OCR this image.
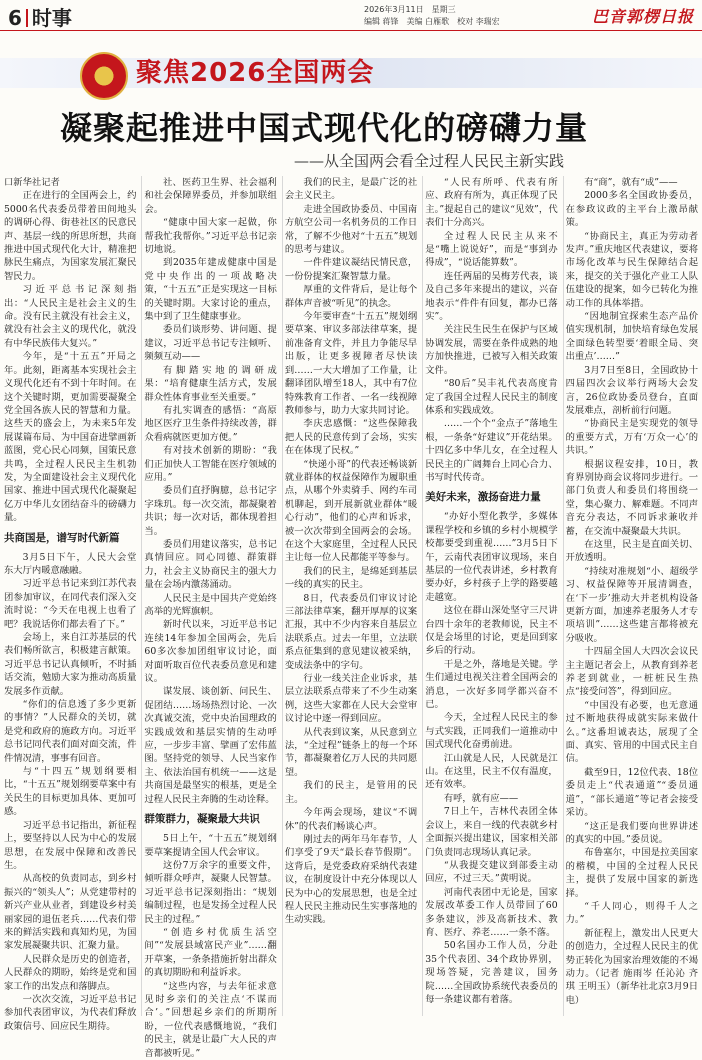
6 时事	2026年3月11日　星期三
编辑 蒋锋　美编 白雁歌　校对 李瑞宏	巴音郭楞日报
聚焦2026全国两会
凝聚起推进中国式现代化的磅礴力量
——从全国两会看全过程人民民主新实践

口新华社记者

正在进行的全国两会上，约5000名代表委员带着田间地头的调研心得、街巷社区的民意民声、基层一线的所思所想，共商推进中国式现代化大计，精准把脉民生痛点，为国家发展汇聚民智民力。

习近平总书记深刻指出：“人民民主是社会主义的生命。没有民主就没有社会主义，就没有社会主义的现代化，就没有中华民族伟大复兴。”

今年，是“十五五”开局之年。此刻，距离基本实现社会主义现代化还有不到十年时间。在这个关键时期，更加需要凝聚全党全国各族人民的智慧和力量。这些天的盛会上，为未来5年发展谋篇布局、为中国奋进擘画新蓝图，党心民心同频，国策民意共鸣，全过程人民民主生机勃发，为全面建设社会主义现代化国家、推进中国式现代化凝聚起亿万中华儿女团结奋斗的磅礴力量。

共商国是，谱写时代新篇

3月5日下午，人民大会堂东大厅内暖意融融。

习近平总书记来到江苏代表团参加审议，在同代表们深入交流时说：“今天在电视上也看了吧？我说话你们都去看了下。”

会场上，来自江苏基层的代表们畅所欲言，积极建言献策。习近平总书记认真倾听，不时插话交流，勉励大家为推动高质量发展多作贡献。

“你们的信息透了多少更新的事情？”人民群众的关切，就是党和政府的施政方向。习近平总书记同代表们面对面交流，件件情况清，事事有回音。

与“十四五”规划纲要相比，“十五五”规划纲要草案中有关民生的目标更加具体、更加可感。

习近平总书记指出，新征程上，要坚持以人民为中心的发展思想，在发展中保障和改善民生。

从高校的负责同志，到乡村振兴的“领头人”；从党建带村的新兴产业从业者，到建设乡村美丽家园的退伍老兵……代表们带来的鲜活实践和真知灼见，为国家发展凝聚共识、汇聚力量。

人民群众是历史的创造者，人民群众的期盼，始终是党和国家工作的出发点和落脚点。

一次次交流，习近平总书记参加代表团审议，为代表们释放政策信号、回应民生期待。

社、医药卫生界、社会福利和社会保障界委员，并参加联组会。

“健康中国大家一起做，你帮我忙我帮你。”习近平总书记亲切地说。

到2035年建成健康中国是党中央作出的一项战略决策，“十五五”正是实现这一目标的关键时期。大家讨论的重点，集中到了卫生健康事业。

委员们谈形势、讲问题、提建议，习近平总书记专注倾听、频频互动——

有脚踏实地的调研成果：“培育健康生活方式，发展群众性体育事业至关重要。”

有扎实调查的感悟：“高原地区医疗卫生条件持续改善，群众看病就医更加方便。”

有对技术创新的期盼：“我们正加快人工智能在医疗领域的应用。”

委员们直抒胸臆，总书记字字珠玑。每一次交流，都凝聚着共识；每一次对话，都体现着担当。

委员们用建议落实，总书记真情回应。同心同德、群策群力，社会主义协商民主的强大力量在会场内激荡涌动。

人民民主是中国共产党始终高举的光辉旗帜。

新时代以来，习近平总书记连续14年参加全国两会，先后60多次参加团组审议讨论，面对面听取百位代表委员意见和建议。

谋发展、谈创新、问民生、促团结……场场热烈讨论、一次次真诚交流，党中央治国理政的实践成效和基层实情的生动呼应，一步步丰富、擘画了宏伟蓝图。坚持党的领导、人民当家作主、依法治国有机统一——这是共商国是最坚实的根基，更是全过程人民民主奔腾的生动诠释。

群策群力，凝聚最大共识

5日上午，“十五五”规划纲要草案提请全国人代会审议。

这份7万余字的重要文件，倾听群众呼声，凝聚人民智慧。习近平总书记深刻指出：“规划编制过程，也是发扬全过程人民民主的过程。”

“创造乡村优质生活空间”“发展县域富民产业”……翻开草案，一条条措施折射出群众的真切期盼和利益诉求。

“这些内容，与去年征求意见时乡亲们的关注点‘不谋而合’。”回想起乡亲们的所期所盼，一位代表感慨地说，“我们的民主，就是让最广大人民的声音都被听见。”

我们的民主，是最广泛的社会主义民主。

走进全国政协委员、中国南方航空公司一名机务员的工作日常，了解不少他对“十五五”规划的思考与建议。

一件件建议凝结民情民意，一份份提案汇聚智慧力量。

厚重的文件背后，是让每个群体声音被“听见”的执念。

今年要审查“十五五”规划纲要草案、审议多部法律草案，提前准备育文件，并且力争能尽早出版，让更多视障者尽快读到……一大大增加了工作量，让翻译团队增至18人，其中有7位特殊教育工作者、一名一线视障教师参与，助力大家共同讨论。

李庆忠感慨：“这些保障我把人民的民意传到了会场，实实在在体现了民权。”

“快递小哥”的代表还畅谈新就业群体的权益保障作为履职重点，从哪个外卖骑手、网约车司机聊起，到开展新就业群体“暖心行动”，他们的心声和诉求，被一次次带到全国两会的会场。在这个大家庭里，全过程人民民主让每一位人民都能平等参与。

我们的民主，是绵延到基层一线的真实的民主。

8日，代表委员们审议讨论三部法律草案，翻开厚厚的议案汇报，其中不少内容来自基层立法联系点。过去一年里，立法联系点征集到的意见建议被采纳，变成法条中的字句。

行业一线关注企业诉求，基层立法联系点带来了不少生动案例，这些大家都在人民大会堂审议讨论中逐一得到回应。

从代表到议案，从民意到立法，“全过程”链条上的每一个环节，都凝聚着亿万人民的共同愿望。

我们的民主，是管用的民主。

今年两会现场，建议“不调休”的代表们畅谈心声。

刚过去的两年马年春节，人们享受了9天“最长春节假期”。这背后，是党委政府采纳代表建议，在制度设计中充分体现以人民为中心的发展思想，也是全过程人民民主推动民生实事落地的生动实践。

“人民有所呼、代表有所应、政府有所为，真正体现了民主。”提起自己的建议“见效”，代表们十分高兴。

全过程人民民主从来不是“嘴上说说好”，而是“事到办得成”，“说话能算数”。

连任两届的吴梅芳代表，谈及自己多年来提出的建议，兴奋地表示“件件有回复，都办已落实”。

关注民生民生在保护与区域协调发展，需要在条件成熟的地方加快推进，已被写入相关政策文件。

“80后”吴丰礼代表高度肯定了我国全过程人民民主的制度体系和实践成效。

……一个个“金点子”落地生根，一条条“好建议”开花结果。十四亿多中华儿女，在全过程人民民主的广阔舞台上同心合力、书写时代传奇。

美好未来，激扬奋进力量

“办好小型化教学，多媒体课程学校和乡镇的乡村小规模学校都要受到重视……”3月5日下午，云南代表团审议现场，来自基层的一位代表讲述，乡村教育要办好，乡村孩子上学的路要越走越宽。

这位在群山深处坚守三尺讲台四十余年的老教师说，民主不仅是会场里的讨论，更是回到家乡后的行动。

干是之外，落地是关键。学生们通过电视关注着全国两会的消息，一次好多同学都兴奋不已。

今天，全过程人民民主的参与式实践，正同我们一道推动中国式现代化奋勇前进。

江山就是人民，人民就是江山。在这里，民主不仅有温度，还有效率。

有呼，就有应——

7日上午，吉林代表团全体会议上，来自一线的代表就乡村全面振兴提出建议，国家相关部门负责同志现场认真记录。

“从我提交建议到部委主动回应，不过三天。”黄明说。

河南代表团中无论是，国家发展改革委工作人员带回了60多条建议，涉及高新技术、教育、医疗、养老……一条不落。

50名国办工作人员，分赴35个代表团、34个政协界别，现场答疑，完善建议，国务院……全国政协系统代表委员的每一条建议都有着落。

有“商”，就有“成”——

2000多名全国政协委员，在参政议政的主平台上激昂献策。

“协商民主，真正为劳动者发声。”重庆地区代表建议，要将市场化改革与民生保障结合起来，提交的关于强化产业工人队伍建设的提案，如今已转化为推动工作的具体举措。

“因地制宜探索生态产品价值实现机制，加快培育绿色发展全面绿色转型要‘着眼全局、突出重点’……”

3月7日至8日，全国政协十四届四次会议举行两场大会发言，26位政协委员登台，直面发展难点，剖析前行问题。

“协商民主是实现党的领导的重要方式，万有‘万众一心’的共识。”

根据议程安排，10日，教育界别协商会议将同步进行。一部门负责人和委员们将围绕一堂，集心聚力、解难题。不同声音充分表达，不同诉求兼收并蓄，在交流中凝聚最大共识。

在这里，民主是直面关切、开放透明。

“持续对准规划“小、超级学习、权益保障等开展清调查，在‘下一步’推动大并老机构设备更新方面，加速养老服务人才专项培训”……这些建言都将被充分吸收。

十四届全国人大四次会议民主主题记者会上，从教育到养老养老到就业，一桩桩民生热点“接受问答”，得到回应。

“中国没有必要，也无意通过不断地获得成就实际来做什么。”这番坦诚表达，展现了全面、真实、管用的中国式民主自信。

截至9日，12位代表、18位委员走上“代表通道”“委员通道”，“部长通道”等记者会接受采访。

“这正是我们要向世界讲述的真实的中国。”委员说。

布鲁塞尔，中国是拉美国家的楷模，中国的全过程人民民主，提供了发展中国家的新选择。

“千人同心，则得千人之力。”

新征程上，激发出人民更大的创造力，全过程人民民主的优势正转化为国家治理效能的不竭动力。（记者 施雨岑 任沁沁 齐琪 王明玉）（新华社北京3月9日电）
